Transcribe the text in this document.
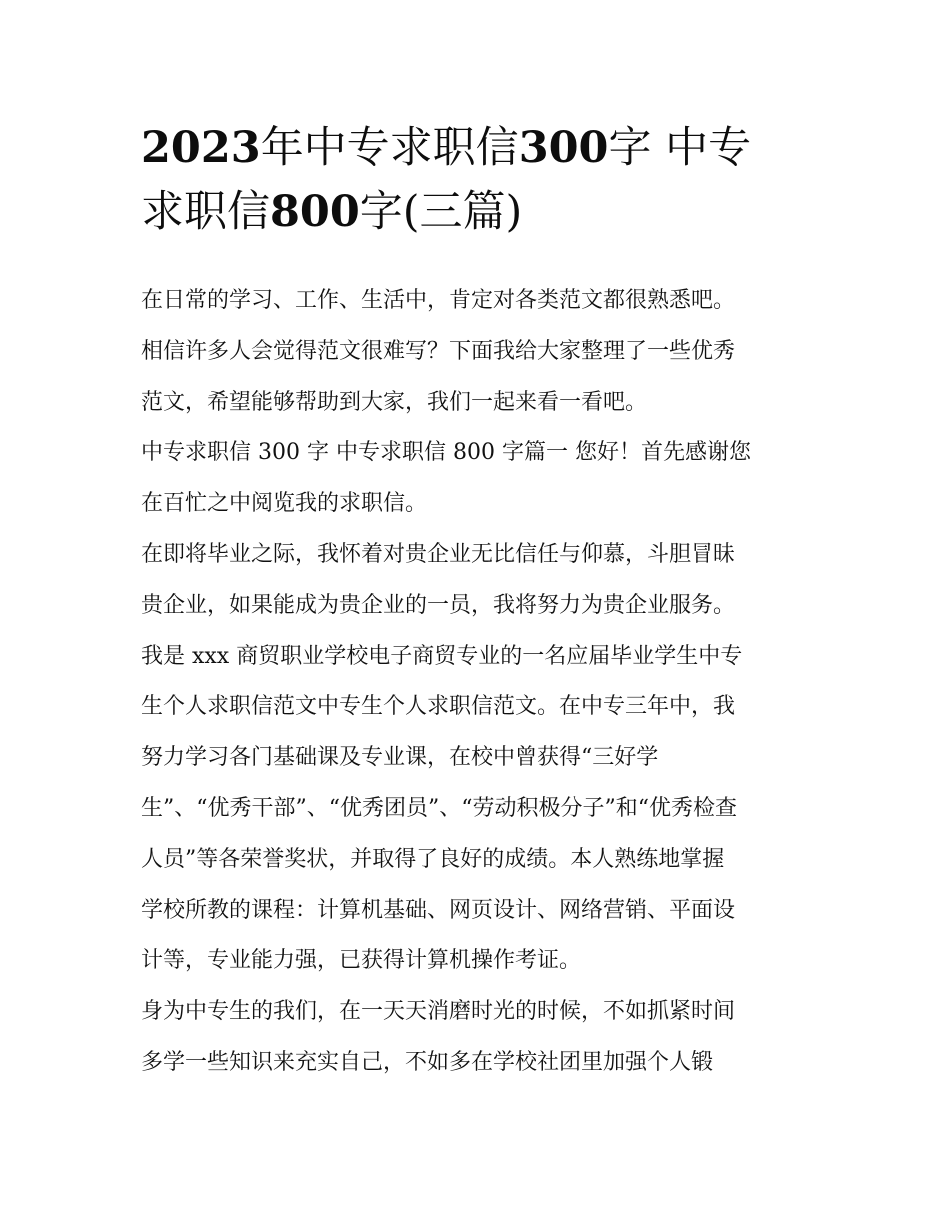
2023年中专求职信300字 中专
求职信800字(三篇)
在日常的学习、工作、生活中，肯定对各类范文都很熟悉吧。
相信许多人会觉得范文很难写？下面我给大家整理了一些优秀
范文，希望能够帮助到大家，我们一起来看一看吧。
中专求职信 300 字 中专求职信 800 字篇一 您好！首先感谢您
在百忙之中阅览我的求职信。
在即将毕业之际，我怀着对贵企业无比信任与仰慕，斗胆冒昧
贵企业，如果能成为贵企业的一员，我将努力为贵企业服务。
我是 xxx 商贸职业学校电子商贸专业的一名应届毕业学生中专
生个人求职信范文中专生个人求职信范文。在中专三年中，我
努力学习各门基础课及专业课，在校中曾获得“三好学
生”、“优秀干部”、“优秀团员”、“劳动积极分子”和“优秀检查
人员”等各荣誉奖状，并取得了良好的成绩。本人熟练地掌握
学校所教的课程：计算机基础、网页设计、网络营销、平面设
计等，专业能力强，已获得计算机操作考证。
身为中专生的我们，在一天天消磨时光的时候，不如抓紧时间
多学一些知识来充实自己，不如多在学校社团里加强个人锻
